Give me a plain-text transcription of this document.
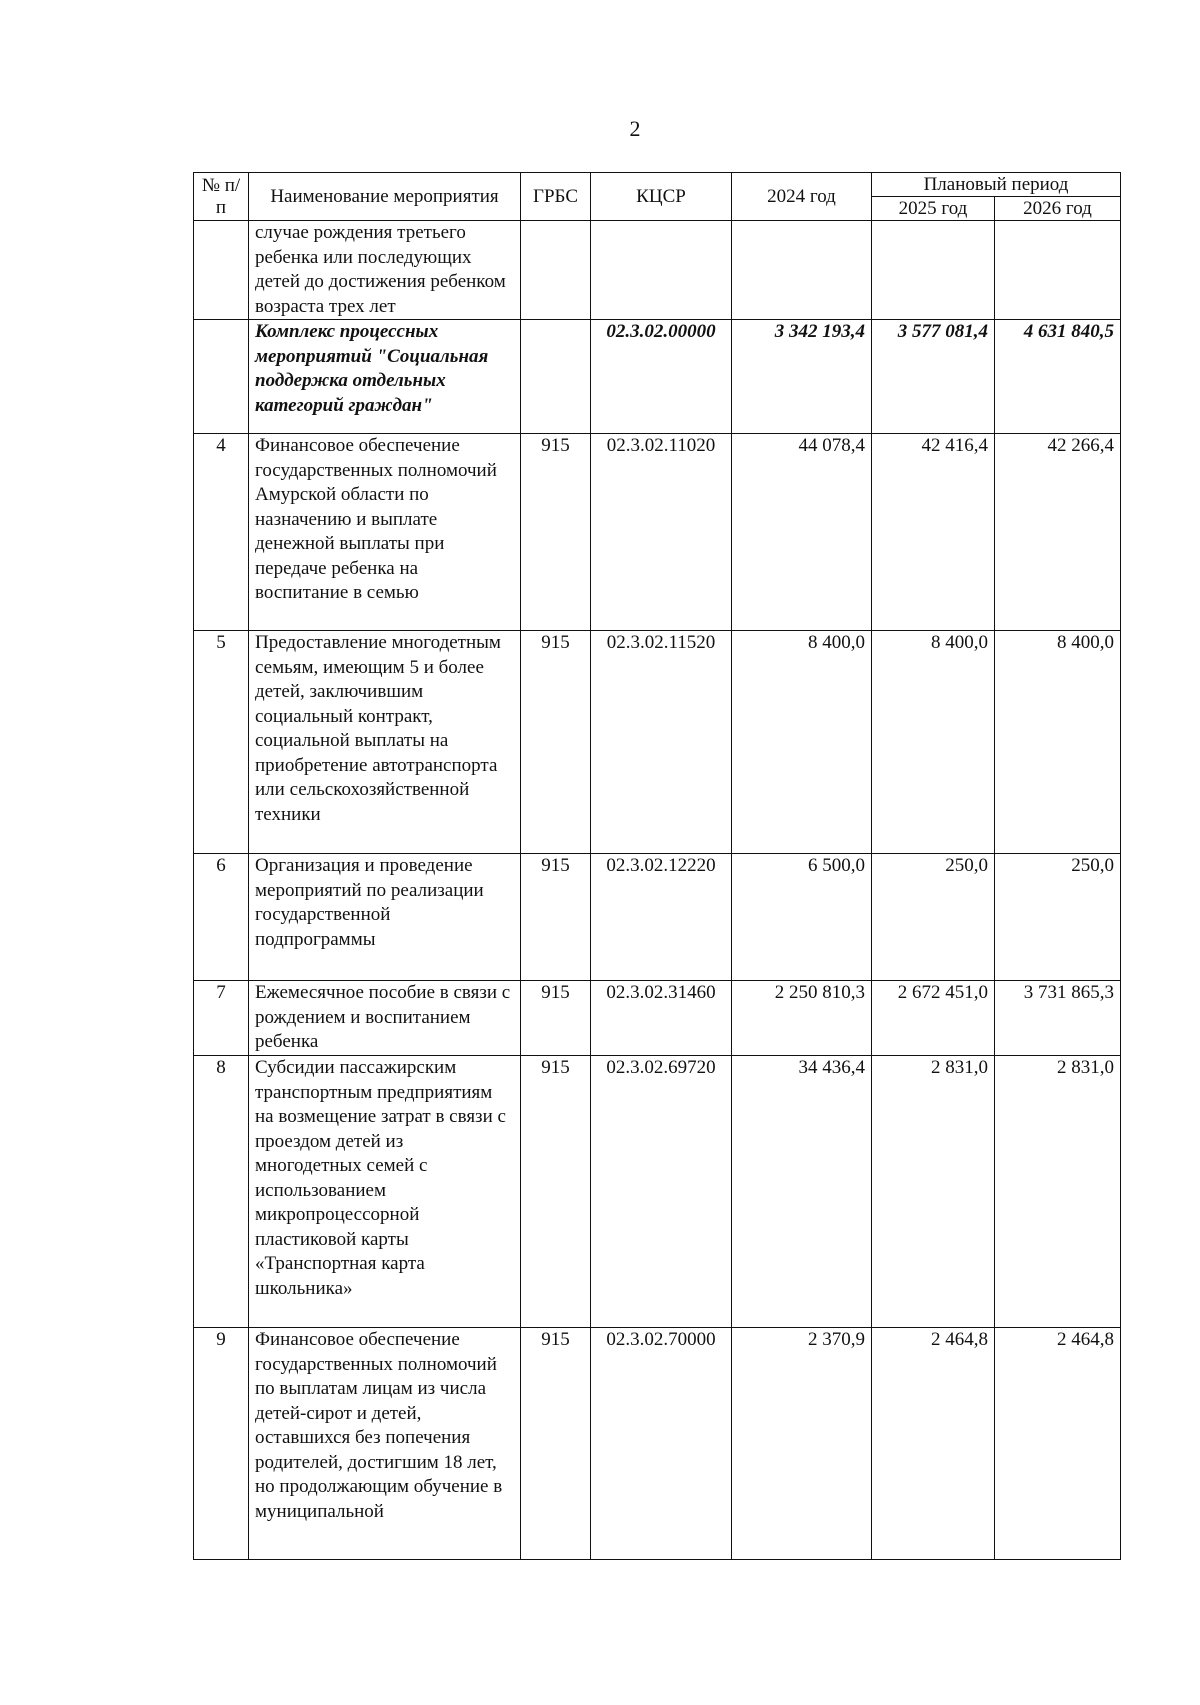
2
№ п/п	Наименование мероприятия	ГРБС	КЦСР	2024 год	Плановый период	
					2025 год	2026 год
	случае рождения третьего ребенка или последующих детей до достижения ребенком возраста трех лет					
	Комплекс процессных мероприятий "Социальная поддержка отдельных категорий граждан"		02.3.02.00000	3 342 193,4	3 577 081,4	4 631 840,5
4	Финансовое обеспечение государственных полномочий Амурской области по назначению и выплате денежной выплаты при передаче ребенка на воспитание в семью	915	02.3.02.11020	44 078,4	42 416,4	42 266,4
5	Предоставление многодетным семьям, имеющим 5 и более детей, заключившим социальный контракт, социальной выплаты на приобретение автотранспорта или сельскохозяйственной техники	915	02.3.02.11520	8 400,0	8 400,0	8 400,0
6	Организация и проведение мероприятий по реализации государственной подпрограммы	915	02.3.02.12220	6 500,0	250,0	250,0
7	Ежемесячное пособие в связи с рождением и воспитанием ребенка	915	02.3.02.31460	2 250 810,3	2 672 451,0	3 731 865,3
8	Субсидии пассажирским транспортным предприятиям на возмещение затрат в связи с проездом детей из многодетных семей с использованием микропроцессорной пластиковой карты «Транспортная карта школьника»	915	02.3.02.69720	34 436,4	2 831,0	2 831,0
9	Финансовое обеспечение государственных полномочий по выплатам лицам из числа детей-сирот и детей, оставшихся без попечения родителей, достигшим 18 лет, но продолжающим обучение в муниципальной	915	02.3.02.70000	2 370,9	2 464,8	2 464,8
